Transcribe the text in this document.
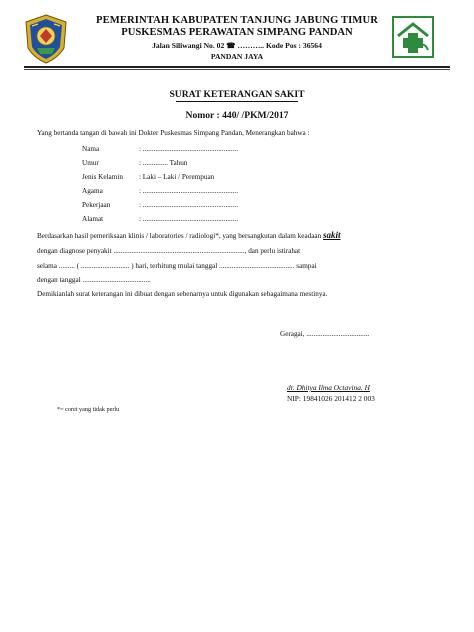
PEMERINTAH KABUPATEN TANJUNG JABUNG TIMUR
PUSKESMAS PERAWATAN SIMPANG PANDAN
Jalan Siliwangi No. 02 ☎ ……….. Kode Pos : 36564
PANDAN JAYA
SURAT KETERANGAN SAKIT
Nomor : 440/ /PKM/2017
Yang bertanda tangan di bawah ini Dokter Puskesmas Simpang Pandan, Menerangkan bahwa :
Nama	: .....................................................
Umur	: .............. Tahun
Jenis Kelamin : Laki – Laki / Perempuan
Agama	: .....................................................
Pekerjaan	: .....................................................
Alamat	: .....................................................
Berdasarkan hasil pemeriksaan klinis / laboratories / radiologi*, yang bersangkutan dalam keadaan sakit
dengan diagnose penyakit ........................................................................., dan perlu istirahat
selama ......... ( ........................... ) hari, terhitung mulai tanggal .......................................... sampai
dengan tanggal ......................................
Demikianlah surat keterangan ini dibuat dengan sebenarnya untuk digunakan sebagaimana mestinya.
Geragai, ...................................
dr. Dhitya Ilma Octavina. H
NIP: 19841026 201412 2 003
*= coret yang tidak perlu
